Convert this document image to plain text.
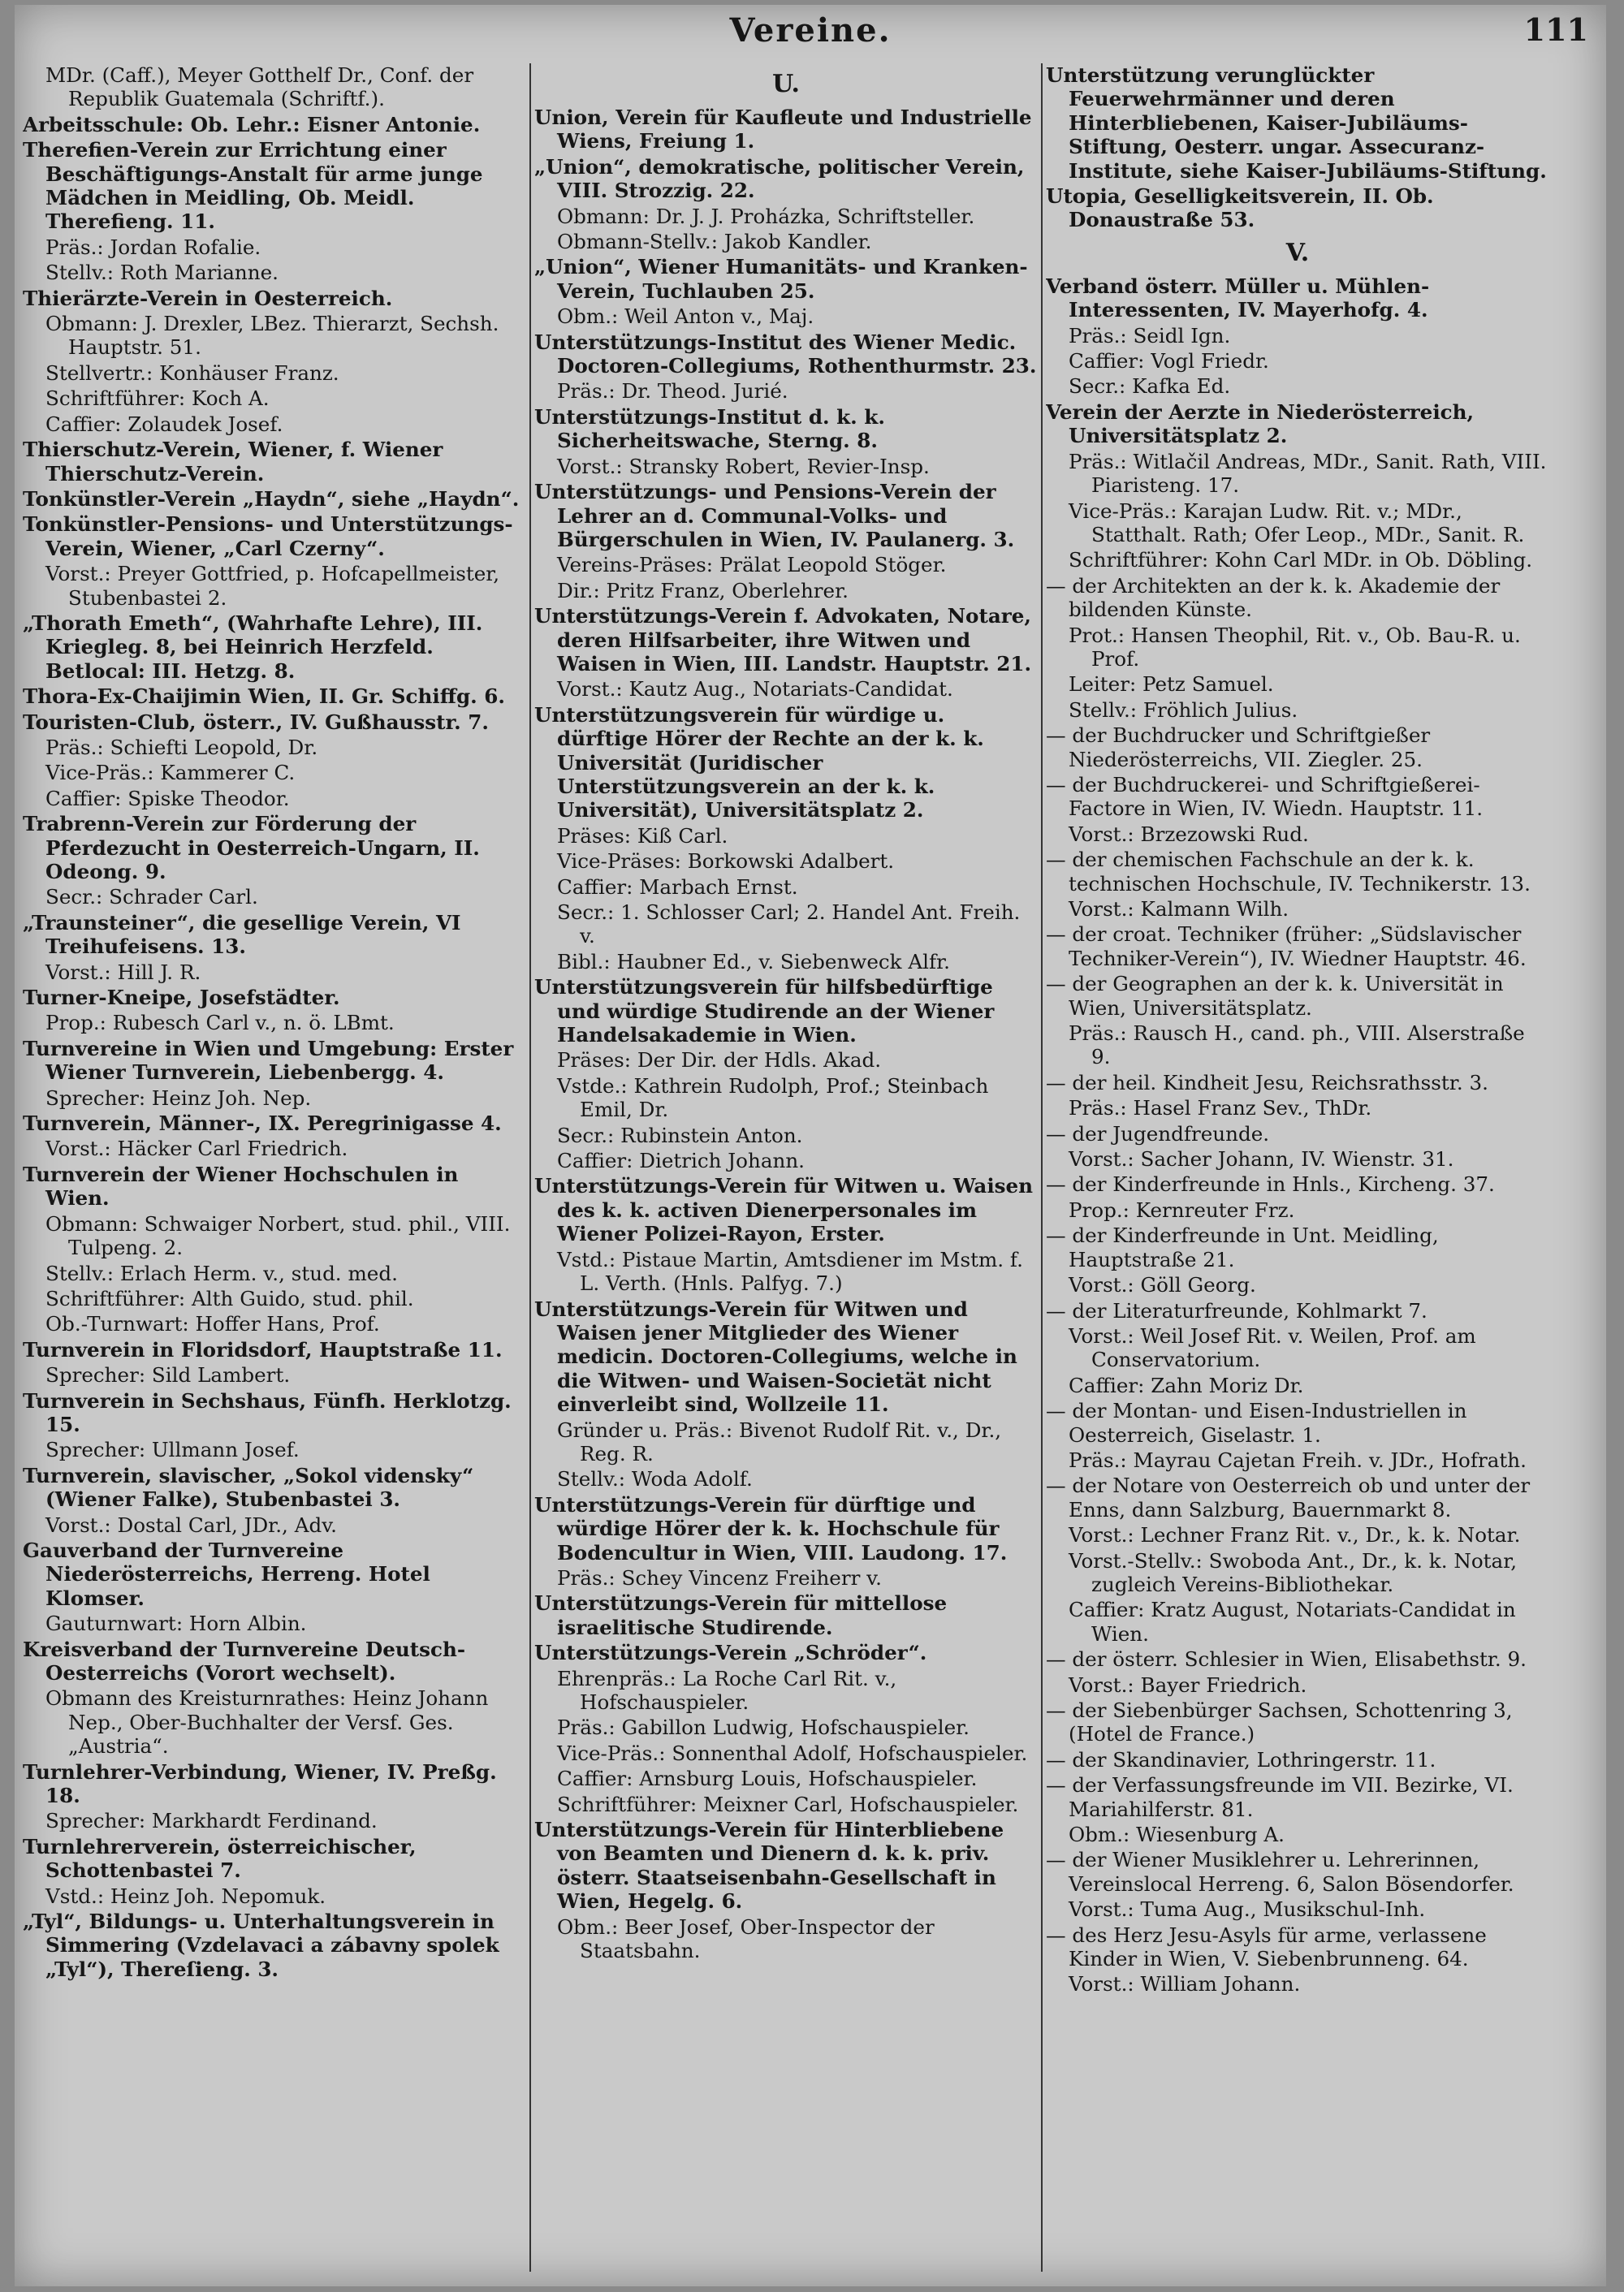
Vereine.	111
MDr. (Caff.), Meyer Gotthelf Dr., Conf. der Republik Guatemala (Schriftf.).
Arbeitsschule: Ob. Lehr.: Eisner Antonie.
Therefien-Verein zur Errichtung einer Beschäftigungs-Anstalt für arme junge Mädchen in Meidling, Ob. Meidl. Therefieng. 11.
Präs.: Jordan Rofalie.
Stellv.: Roth Marianne.
Thierärzte-Verein in Oesterreich.
Obmann: J. Drexler, LBez. Thierarzt, Sechsh. Hauptstr. 51.
Stellvertr.: Konhäuser Franz.
Schriftführer: Koch A.
Caffier: Zolaudek Josef.
Thierschutz-Verein, Wiener, f. Wiener Thierschutz-Verein.
Tonkünstler-Verein „Haydn“, siehe „Haydn“.
Tonkünstler-Pensions- und Unterstützungs-Verein, Wiener, „Carl Czerny“.
Vorst.: Preyer Gottfried, p. Hofcapellmeister, Stubenbastei 2.
„Thorath Emeth“, (Wahrhafte Lehre), III. Kriegleg. 8, bei Heinrich Herzfeld. Betlocal: III. Hetzg. 8.
Thora-Ex-Chaijimin Wien, II. Gr. Schiffg. 6.
Touristen-Club, österr., IV. Gußhausstr. 7.
Präs.: Schiefti Leopold, Dr.
Vice-Präs.: Kammerer C.
Caffier: Spiske Theodor.
Trabrenn-Verein zur Förderung der Pferdezucht in Oesterreich-Ungarn, II. Odeong. 9.
Secr.: Schrader Carl.
„Traunsteiner“, die gesellige Verein, VI Treihufeisens. 13.
Vorst.: Hill J. R.
Turner-Kneipe, Josefstädter.
Prop.: Rubesch Carl v., n. ö. LBmt.
Turnvereine in Wien und Umgebung: Erster Wiener Turnverein, Liebenbergg. 4.
Sprecher: Heinz Joh. Nep.
Turnverein, Männer-, IX. Peregrinigasse 4.
Vorst.: Häcker Carl Friedrich.
Turnverein der Wiener Hochschulen in Wien.
Obmann: Schwaiger Norbert, stud. phil., VIII. Tulpeng. 2.
Stellv.: Erlach Herm. v., stud. med.
Schriftführer: Alth Guido, stud. phil.
Ob.-Turnwart: Hoffer Hans, Prof.
Turnverein in Floridsdorf, Hauptstraße 11.
Sprecher: Sild Lambert.
Turnverein in Sechshaus, Fünfh. Herklotzg. 15.
Sprecher: Ullmann Josef.
Turnverein, slavischer, „Sokol vidensky“ (Wiener Falke), Stubenbastei 3.
Vorst.: Dostal Carl, JDr., Adv.
Gauverband der Turnvereine Niederösterreichs, Herreng. Hotel Klomser.
Gauturnwart: Horn Albin.
Kreisverband der Turnvereine Deutsch-Oesterreichs (Vorort wechselt).
Obmann des Kreisturnrathes: Heinz Johann Nep., Ober-Buchhalter der Versf. Ges. „Austria“.
Turnlehrer-Verbindung, Wiener, IV. Preßg. 18.
Sprecher: Markhardt Ferdinand.
Turnlehrerverein, österreichischer, Schottenbastei 7.
Vstd.: Heinz Joh. Nepomuk.
„Tyl“, Bildungs- u. Unterhaltungsverein in Simmering (Vzdelavaci a zábavny spolek „Tyl“), Thereſieng. 3.
U.
Union, Verein für Kaufleute und Industrielle Wiens, Freiung 1.
„Union“, demokratische, politischer Verein, VIII. Strozzig. 22.
Obmann: Dr. J. J. Proházka, Schriftsteller.
Obmann-Stellv.: Jakob Kandler.
„Union“, Wiener Humanitäts- und Kranken-Verein, Tuchlauben 25.
Obm.: Weil Anton v., Maj.
Unterstützungs-Institut des Wiener Medic. Doctoren-Collegiums, Rothenthurmstr. 23.
Präs.: Dr. Theod. Jurié.
Unterstützungs-Institut d. k. k. Sicherheitswache, Sterng. 8.
Vorst.: Stransky Robert, Revier-Insp.
Unterstützungs- und Pensions-Verein der Lehrer an d. Communal-Volks- und Bürgerschulen in Wien, IV. Paulanerg. 3.
Vereins-Präses: Prälat Leopold Stöger.
Dir.: Pritz Franz, Oberlehrer.
Unterstützungs-Verein f. Advokaten, Notare, deren Hilfsarbeiter, ihre Witwen und Waisen in Wien, III. Landstr. Hauptstr. 21.
Vorst.: Kautz Aug., Notariats-Candidat.
Unterstützungsverein für würdige u. dürftige Hörer der Rechte an der k. k. Universität (Juridischer Unterstützungsverein an der k. k. Universität), Universitätsplatz 2.
Präses: Kiß Carl.
Vice-Präses: Borkowski Adalbert.
Caffier: Marbach Ernst.
Secr.: 1. Schlosser Carl; 2. Handel Ant. Freih. v.
Bibl.: Haubner Ed., v. Siebenweck Alfr.
Unterstützungsverein für hilfsbedürftige und würdige Studirende an der Wiener Handelsakademie in Wien.
Präses: Der Dir. der Hdls. Akad.
Vstde.: Kathrein Rudolph, Prof.; Steinbach Emil, Dr.
Secr.: Rubinstein Anton.
Caffier: Dietrich Johann.
Unterstützungs-Verein für Witwen u. Waisen des k. k. activen Dienerpersonales im Wiener Polizei-Rayon, Erster.
Vstd.: Pistaue Martin, Amtsdiener im Mstm. f. L. Verth. (Hnls. Palfyg. 7.)
Unterstützungs-Verein für Witwen und Waisen jener Mitglieder des Wiener medicin. Doctoren-Collegiums, welche in die Witwen- und Waisen-Societät nicht einverleibt sind, Wollzeile 11.
Gründer u. Präs.: Bivenot Rudolf Rit. v., Dr., Reg. R.
Stellv.: Woda Adolf.
Unterstützungs-Verein für dürftige und würdige Hörer der k. k. Hochschule für Bodencultur in Wien, VIII. Laudong. 17.
Präs.: Schey Vincenz Freiherr v.
Unterstützungs-Verein für mittellose israelitische Studirende.
Unterstützungs-Verein „Schröder“.
Ehrenpräs.: La Roche Carl Rit. v., Hofschauspieler.
Präs.: Gabillon Ludwig, Hofschauspieler.
Vice-Präs.: Sonnenthal Adolf, Hofschauspieler.
Caffier: Arnsburg Louis, Hofschauspieler.
Schriftführer: Meixner Carl, Hofschauspieler.
Unterstützungs-Verein für Hinterbliebene von Beamten und Dienern d. k. k. priv. österr. Staatseisenbahn-Gesellschaft in Wien, Hegelg. 6.
Obm.: Beer Josef, Ober-Inspector der Staatsbahn.
Unterstützung verunglückter Feuerwehrmänner und deren Hinterbliebenen, Kaiser-Jubiläums-Stiftung, Oesterr. ungar. Assecuranz-Institute, siehe Kaiser-Jubiläums-Stiftung.
Utopia, Geselligkeitsverein, II. Ob. Donaustraße 53.
V.
Verband österr. Müller u. Mühlen-Interessenten, IV. Mayerhofg. 4.
Präs.: Seidl Ign.
Caffier: Vogl Friedr.
Secr.: Kafka Ed.
Verein der Aerzte in Niederösterreich, Universitätsplatz 2.
Präs.: Witlačil Andreas, MDr., Sanit. Rath, VIII. Piaristeng. 17.
Vice-Präs.: Karajan Ludw. Rit. v.; MDr., Statthalt. Rath; Ofer Leop., MDr., Sanit. R.
Schriftführer: Kohn Carl MDr. in Ob. Döbling.
— der Architekten an der k. k. Akademie der bildenden Künste.
Prot.: Hansen Theophil, Rit. v., Ob. Bau-R. u. Prof.
Leiter: Petz Samuel.
Stellv.: Fröhlich Julius.
— der Buchdrucker und Schriftgießer Niederösterreichs, VII. Ziegler. 25.
— der Buchdruckerei- und Schriftgießerei-Factore in Wien, IV. Wiedn. Hauptstr. 11.
Vorst.: Brzezowski Rud.
— der chemischen Fachschule an der k. k. technischen Hochschule, IV. Technikerstr. 13.
Vorst.: Kalmann Wilh.
— der croat. Techniker (früher: „Südslavischer Techniker-Verein“), IV. Wiedner Hauptstr. 46.
— der Geographen an der k. k. Universität in Wien, Universitätsplatz.
Präs.: Rausch H., cand. ph., VIII. Alserstraße 9.
— der heil. Kindheit Jesu, Reichsrathsstr. 3.
Präs.: Hasel Franz Sev., ThDr.
— der Jugendfreunde.
Vorst.: Sacher Johann, IV. Wienstr. 31.
— der Kinderfreunde in Hnls., Kircheng. 37.
Prop.: Kernreuter Frz.
— der Kinderfreunde in Unt. Meidling, Hauptstraße 21.
Vorst.: Göll Georg.
— der Literaturfreunde, Kohlmarkt 7.
Vorst.: Weil Josef Rit. v. Weilen, Prof. am Conservatorium.
Caffier: Zahn Moriz Dr.
— der Montan- und Eisen-Industriellen in Oesterreich, Giselastr. 1.
Präs.: Mayrau Cajetan Freih. v. JDr., Hofrath.
— der Notare von Oesterreich ob und unter der Enns, dann Salzburg, Bauernmarkt 8.
Vorst.: Lechner Franz Rit. v., Dr., k. k. Notar.
Vorst.-Stellv.: Swoboda Ant., Dr., k. k. Notar, zugleich Vereins-Bibliothekar.
Caffier: Kratz August, Notariats-Candidat in Wien.
— der österr. Schlesier in Wien, Elisabethstr. 9.
Vorst.: Bayer Friedrich.
— der Siebenbürger Sachsen, Schottenring 3, (Hotel de France.)
— der Skandinavier, Lothringerstr. 11.
— der Verfassungsfreunde im VII. Bezirke, VI. Mariahilferstr. 81.
Obm.: Wiesenburg A.
— der Wiener Musiklehrer u. Lehrerinnen, Vereinslocal Herreng. 6, Salon Bösendorfer.
Vorst.: Tuma Aug., Musikschul-Inh.
— des Herz Jesu-Asyls für arme, verlassene Kinder in Wien, V. Siebenbrunneng. 64.
Vorst.: William Johann.
